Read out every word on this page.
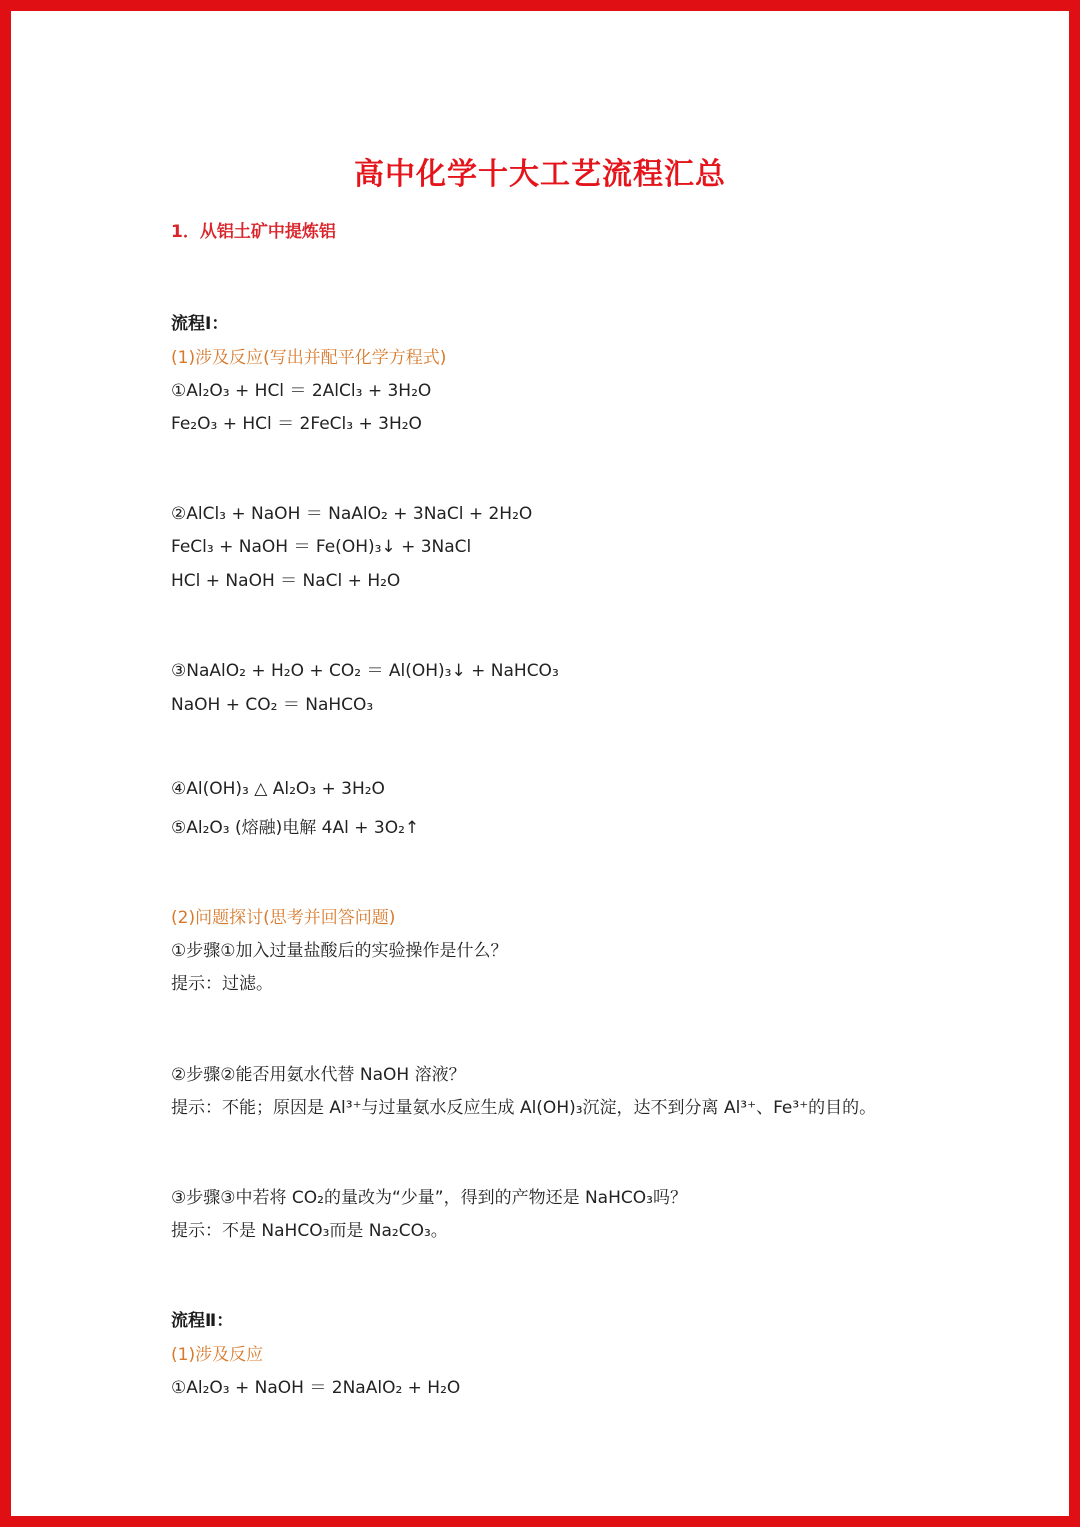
高中化学十大工艺流程汇总
1．从铝土矿中提炼铝
流程Ⅰ：
(1)涉及反应(写出并配平化学方程式)
①Al₂O₃ + HCl ＝ 2AlCl₃ + 3H₂O
Fe₂O₃ + HCl ＝ 2FeCl₃ + 3H₂O
②AlCl₃ + NaOH ＝ NaAlO₂ + 3NaCl + 2H₂O
FeCl₃ + NaOH ＝ Fe(OH)₃↓ + 3NaCl
HCl + NaOH ＝ NaCl + H₂O
③NaAlO₂ + H₂O + CO₂ ＝ Al(OH)₃↓ + NaHCO₃
NaOH + CO₂ ＝ NaHCO₃
④Al(OH)₃ △ Al₂O₃ + 3H₂O
⑤Al₂O₃ (熔融)电解 4Al + 3O₂↑
(2)问题探讨(思考并回答问题)
①步骤①加入过量盐酸后的实验操作是什么？
提示：过滤。
②步骤②能否用氨水代替 NaOH 溶液？
提示：不能；原因是 Al³⁺与过量氨水反应生成 Al(OH)₃沉淀，达不到分离 Al³⁺、Fe³⁺的目的。
③步骤③中若将 CO₂的量改为“少量”，得到的产物还是 NaHCO₃吗？
提示：不是 NaHCO₃而是 Na₂CO₃。
流程Ⅱ：
(1)涉及反应
①Al₂O₃ + NaOH ＝ 2NaAlO₂ + H₂O
